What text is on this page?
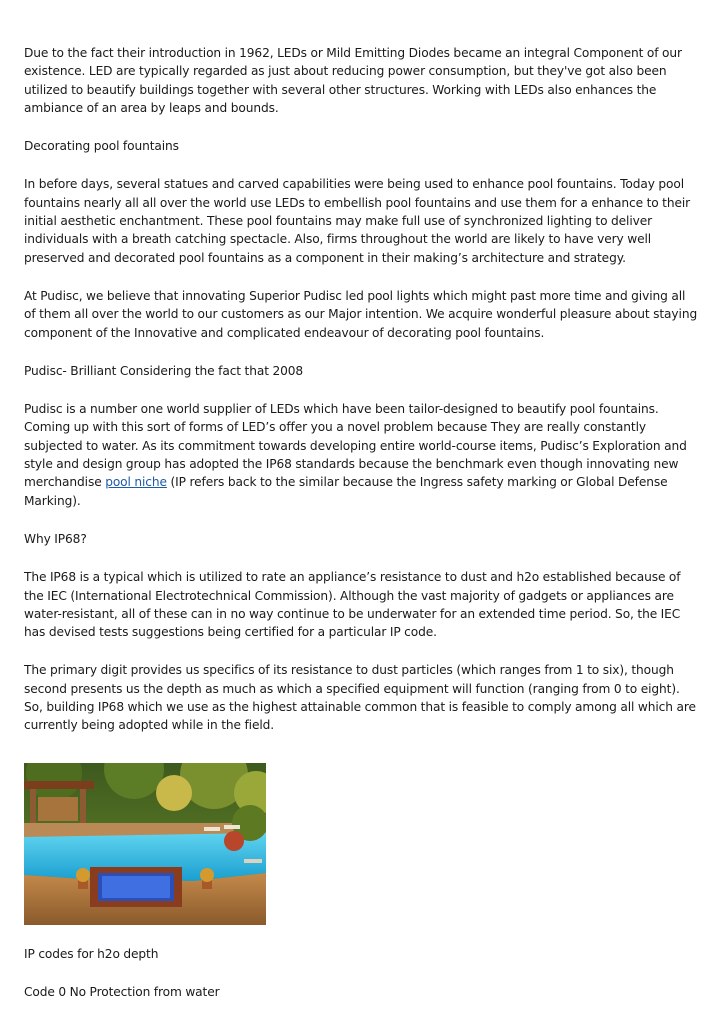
Due to the fact their introduction in 1962, LEDs or Mild Emitting Diodes became an integral Component of our existence. LED are typically regarded as just about reducing power consumption, but they've got also been utilized to beautify buildings together with several other structures. Working with LEDs also enhances the ambiance of an area by leaps and bounds.

Decorating pool fountains

In before days, several statues and carved capabilities were being used to enhance pool fountains. Today pool fountains nearly all all over the world use LEDs to embellish pool fountains and use them for a enhance to their initial aesthetic enchantment. These pool fountains may make full use of synchronized lighting to deliver individuals with a breath catching spectacle. Also, firms throughout the world are likely to have very well preserved and decorated pool fountains as a component in their making’s architecture and strategy.

At Pudisc, we believe that innovating Superior Pudisc led pool lights which might past more time and giving all of them all over the world to our customers as our Major intention. We acquire wonderful pleasure about staying component of the Innovative and complicated endeavour of decorating pool fountains.

Pudisc- Brilliant Considering the fact that 2008

Pudisc is a number one world supplier of LEDs which have been tailor-designed to beautify pool fountains. Coming up with this sort of forms of LED’s offer you a novel problem because They are really constantly subjected to water. As its commitment towards developing entire world-course items, Pudisc’s Exploration and style and design group has adopted the IP68 standards because the benchmark even though innovating new merchandise pool niche (IP refers back to the similar because the Ingress safety marking or Global Defense Marking).

Why IP68?

The IP68 is a typical which is utilized to rate an appliance’s resistance to dust and h2o established because of the IEC (International Electrotechnical Commission). Although the vast majority of gadgets or appliances are water-resistant, all of these can in no way continue to be underwater for an extended time period. So, the IEC has devised tests suggestions being certified for a particular IP code.

The primary digit provides us specifics of its resistance to dust particles (which ranges from 1 to six), though second presents us the depth as much as which a specified equipment will function (ranging from 0 to eight). So, building IP68 which we use as the highest attainable common that is feasible to comply among all which are currently being adopted while in the field.

IP codes for h2o depth

Code 0 No Protection from water
